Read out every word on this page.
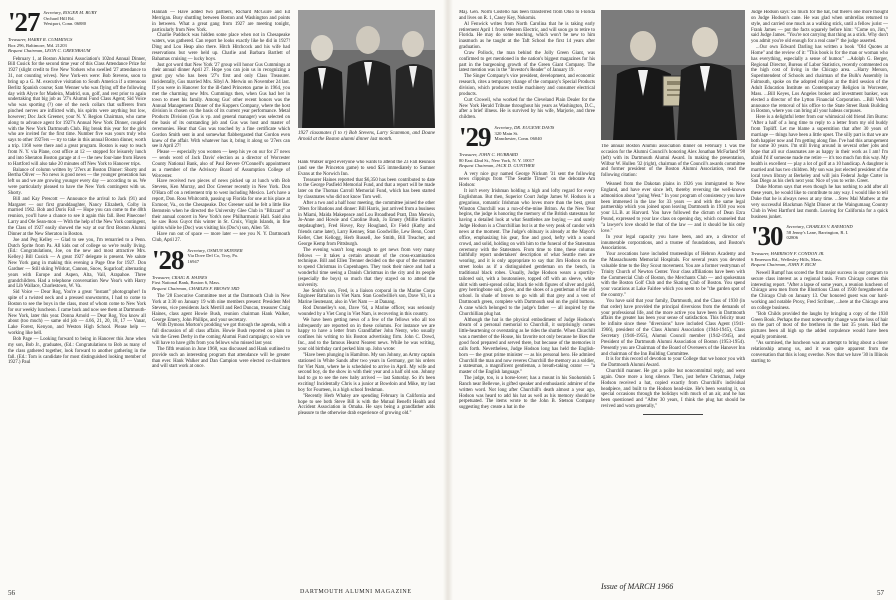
'27 Secretary, ROGER M. BURY
Orchard Hill Rd.
Westport, Conn. 06880
Treasurer, HARRY R. CUMMINGS
Box 296, Baltimore, Md. 21203
Bequest Chairman, LEON C. GREENBAUM

February 1, at Boston Alumni Association's 102nd Annual Dinner, Bill Cusick for the second time year of this Class Attendance Prize for 1927 (slight credit to five New Yorkers who swelled '27 attendance to 31, not counting wives). New York-ers were: Bob Stevens, soon to bring up a G. M. executive visitation to South America if a strenuous Berlitz Spanish course; Sam Wenner who was flying off the following day with Alyce for Madeira, Madrid, sun, golf, and rest prior to again undertaking that big job as '27's Alumni Fund Class Agent; Sid Voice who was sporting (?) one of the neck collars that sufferers from pinched nerves are inflicted with, his spirits were anything but low, however; Doc Jack Greener, your N. Y. Region Chairman, who came along to advance agent for 1927's Annual New York Dinner, coupled with the New York Dartmouth Club. Big break this year for the girls who are invited for the first time. Number five was yours truly who says to other 1927ers — try to take in this annual Boston dinner, worth a trip. 1168 were there and a great program. Boston is easy to reach from N. Y. via Plane, cost office at 12 — stopped for leisurely lunch and into Sheraton Boston garage at 4 — the new four-lane from Haven to Hartford will also take 20 minutes off New York to Hanover trips.

Balance of column written by '27ers at Boston Dinner: Shorty and Bertha Oliver — No news is good news — the younger generation has left us and we are growing younger every day — according to us. We were particularly pleased to have the New York contingent with us. Shorty.

Bill and Kay Prescott — Announce the arrival to Jack (91) and Margaret — our first granddaughter, Nancy Elizabeth, Colby in married 1962. Bob and Doris Fall — Hope you can come to the 40th reunion, you'll have a chance to see it again this fall. Best Pinecone! Larry and Ole Sean-mon — With the help of the New York contingent, the Class of 1927 easily showed the way at our first Boston Alumni Dinner at the New Sheraton in Boston.

Joe and Peg Kelley — Glad to see you, I'm remarried to a Penn. Dutch Sprite from Pa. All kids out of college so we're really living. (Ed.: Congratulations, Joe, on the new and most attractive Mrs. Kelley.) Bill Cusick — A great 1927 delegate is present. We salute New York gang in making this evening a Page One for 1927. Don Gardner — Still skiing Wildcat, Cannon, Snow, Sugarloaf; alternating years with Europe and Aspen, Alta, Vail, Arapahoe. Three grandchildren. Had a telephone conversation New Year's with Harry and Lib Wallace, Charlestown, W. Va.

Sid Voice — Dear Rog, You're a great "instant" photographer! In spite of a twisted neck and a pressed snowstorms, I had to come to Boston to see the boys in the class, most of whom come to New York for our weekly luncheon. I came back and now see them at Dartmouth-New York, later this year. Donna Arnold — Dear Rog, You know all about (too much) — same old job — 4.66, 21, 20, 18, 17 — Vanar, Lake Forest, Kenyon, and Weston High School. Please help — working like hell.

Bob Page — Looking forward to being in Hanover this June when my son, Bob Jr., graduates, (Ed.: Congratulations to Bob as many of the class gathered together, look forward to another gathering in the fall. (Ed.: Tom is candidate for most distinguished looking member of 1927.) Paul

Hannah — Have added two partners, Richard McGuire and Ed Merrigan. Busy shuttling between Boston and Washington and points in between. What a great gang from 1927 are meeting tonight, particularly from New York.

Charlie Paddock was hidden some place when not in Chesapeake waters, was gathered. Can report he looks exactly like he did in 1927! Ding and Lou Heap also there. Hitch Hitchcock and his wife had reservations but were held up. Charlie and Barbara Bartlett of Bahamas cruising — lucky boys.

Just got word that New York '27 group will honor Gus Cummings at their annual dinner April 27. Hope you can join us in recognizing a great guy who has been '27's first and only Class Treasurer. Incidentally, Gus married Mrs. Sibyl A. Merwin on November 24 last. If you were in Hanover for the ill-fated Princeton game in 1964, you met the charming new Mrs. Cummings then, when Gus had her in town to meet his family. Among Gus' other recent honors was the Annual Management Dinner of the Koppers Company, where the host division is chosen on the basis of its current year performance. Metal Products Division (Gus is vp. and general manager) was selected on the basis of its outstanding job and Gus was host and master of ceremonies. Hear that Gus was touched by a fine certificate which Gordon Smith sent in and somewhat flabbergasted that Gordon even knew of the affair. With whatever has it, bring it along so '27ers can see it April 27!

Please — especially you women — keep his ye on our for 27 news — sends word of Jack Davis' election as a director of Worcester County National Bank, also of Paul Revere O'Connell's appointment as a member of the Advisory Board of Assumption College of Worcester.

Have received two pieces of news picked up at lunch with Bob Stevens, Ken Murray, and Doc Greener recently in New York. Don O'Hara off on a retirement trip to west including Mexico. Let's have a report, Don. Ross Whitcomb, passing up Florida for one at his place at Exmoor, Va., on the Chesapeake. Doc Greener said he felt a little like Bernstein when he directed the University Glee Club in "Blizzard" at their annual concert in New York's new Philharmonic Hall. Said also he saw Ross Guyot this winter in St. Croix, Virgin Islands, in fine spirits while he (Doc) was visiting his (Doc's) son, Allen '58.

Have run out of space — more later — see you N. Y. Dartmouth Club, April 27.

'28 Secretary, OSMUN SKINNER
Via Dove Del Co, Troy, Pa.
16947
Treasurer, CRAIG R. HAINES
First National Bank, Boston 6, Mass.
Bequest Chairman, CHARLES F. BROWN 3RD

The '28 Executive Committee met at the Dartmouth Club in New York at 3:30 on January 19 with nine members present: President Mel Stevens, vice presidents Jack Merrill and Red Duncan, treasurer Craig Haines, class agent Howie Bush, reunion chairman Hank Walker, George Emery, John Phillips, and your secretary.

With Dymous Morton's prodding we got through the agenda, with a full discussion of all class affairs. Howie Bush reported on plans to win the Green Derby in the coming Alumni Fund campaign; so win we will have to have gifts from you fellows who missed last year.

The fifth reunion in June 1968, was discussed and Hank outlined to provide such an interesting program that attendance will be greater than ever. Hank Walker and Dan Campion were elected co-chairmen and will start work at once.

1927 classmates (l to r) Bob Stevens, Larry Scammon, and Doane Arnold at the Boston alumni dinner last month.

Hank Walker urged everyone who wants to attend the 23 Fall Reunion (and see the Princeton game) to send $25 immediately to Sumner Evans at the Norwich Inn.

Treasurer Haines reported that $6,350 has been contributed to date to the George Pasfield Memorial Fund, and that a report will be made later on the Thomas Carroll Memorial Fund, which has been started by classmates who did not know Tom well.

After a two and a half hour meeting, the committee joined the other '28ers for libations and dinner: Bill Harris, just arrived from a business in Miami, Maida Makepeace and Lou Broadhead Pratt, Dan Merwin, Jo-Anne and Howie and Caroline Bush, Jo Emery (Millie Harris's stepdaughter), Fred Hovey, Roy Hougland, Ev Field (Kathy and friends came later), Larry Kenney, Stan Goodwillie, Lew Benn, Court Keller, Chet Kellogg, Herb Russell, Joe Smith, Bill Treacher, and George Kemp from Pittsburgh.

The evening wasn't long enough to get news from very many fellows — it takes a certain amount of the cross-examination technique. Bill and Ellen Trenner decided on the spur of the moment to spend Christmas in Copenhagen. They took their niece and had a wonderful time seeing a Danish Christmas in the city and its people (especially the boys) so much that they stayed on to attend the university.

Joe Smith's son, Fred, is a liaison corporal in the Marine Corps Engineer Battalion in Viet Nam. Stan Goodwillie's son, Dave '63, is a Marine lieutenant, also in Viet Nam — at Danang.

Rod Donnelley's son, Dave '64, a Marine officer, was seriously wounded by a Viet Cong in Viet Nam, is recovering in this country.

We have been getting news of a few of the fellows who all too infrequently are reported on in these columns. For instance we are happy to have a letter from Grandfather John Nenty, who usually confines his writing to his Boston advertising firm. John C. Dowd, Inc., and to the famous Hearst Nearest news. While he was writing, your old birthday card perked him up. John wrote:

"Have been plunging in Hamilton. My son Johnny, an Army captain stationed in White Sands after two years in Germany, got his orders for Viet Nam, where he is scheduled to arrive in April. My wife and second boy, do the show in with their year and a half old son. Johnny had to go to see the new baby arrived — last Saturday. So it's been exciting! Incidentally Chris is a junior at Bowdoin and Mike, my last boy for Fourteen, is a high school freshman.

"Recently Herb Whaley are spending February in California and hope to see both Steve Bill is with the Mutual Benefit Health and Accident Association in Omaha. He says being a grandfather adds pleasure to the otherwise drab experience of growing old."

56	DARTMOUTH ALUMNI MAGAZINE

Maj. Gen. Norm Costello has been transferred from Ohio to Florida and lives on R. 1, Casey Key, Nokomis.

Al Fenwick writes from North Carolina that he is taking early retirement April 1 from Western Electric, and will soon go to retire to Florida. He may do some teaching, which won't be new to him inasmuch as he taught at the Taft School the first 14 years after graduation.

Craw Pollock, the man behind the Jolly Green Giant, was confirmed to get mentioned in the nation's biggest magazines for his part in the burgeoning growth of the Green Giant Company. The latest mention was in the "Investor's Reader" of January 19.

The Singer Company's vice president, development, and economic research, cites a temporary change of the company's Special Products division, which produces textile machinery and consumer electrical products.

Curt Crowell, who worked for the Cleveland Plain Dealer for the New York Herald Tribune throughout his years as Washington, D.C., after a brief illness. He is survived by his wife, Marjorie, and three children.

'29 Secretary, DR. EUGENE DAVIS
320 Main St.
Manchester, Conn. 06040
Treasurer, JOHN C. HUBBARD
80 East 42nd St., New York, N. Y. 10017
Bequest Chairman, JACK D. GUNTHER

A very nice guy named George Nickum '31 sent the following news clippings from "The Seattle Times" on the deborate Am Hodson:

It isn't every Irishman holding a high and lofty regard for every Englishman. But then, Superior Court Judge James W. Hodson is a gregarious, romantic Irishman who loves more than the best, great Winston Churchill was a run-of-the-mine Briton. As the New Year begins, the judge is honoring the memory of the British statesman for having a detailed look at what Seattleites are buying — and surely Judge Hodson is a Churchillian but is at the very peak of candor with news at the moment. The Judge's obituary is already at the Mayor's office, emphasizing his gear, fine and good, hefty with a sound crowd, and solid, holding on with him to the funeral of the Statesman ceremony with the Statesmen. From time to time, these columns faithfully report undertakers' description of what Seattle men are wearing, and it is only appropriate to say that Jim Hodson on the street looks as if a distinguished gentleman on the bench, in traditional black robes. Usually, Judge Hodson wears a sportily-tailored suit, with a boutonniere, topped off with an sleeve, white shirt with semi-spread collar, black tie with figures of silver and gold, grey herringbone suit, glove, and the shoes of a gentleman of the old school. In shade of brown to go with all that grey and a vest of Dartmouth green, complete with Dartmouth seal on the gold buttons. A cane which belonged to the judge's father — all inspired by the Churchillian plug hat.

Although the hat is the physical embodiment of Judge Hodson's dream of a personal memorial to Churchill, it surprisingly comes little-heartening or overstating as he rides the shuttle. When Churchill was a member of the House, his favorite not only because he likes the good food prepared and served there, but because of the memories it calls forth. Nevertheless, Judge Hodson long has held the English-born — the great prime minister — as his personal hero. He admired Churchill the man and now reveres Churchill the memory as a soldier, a statesman, a magnificent gentleman, a breath-taking orator — "a master of the English language."

The judge, too, is a horse-lover; has a mount in his Snohomish 5 Ranch near Bellevue, is gifted speaker and enthusiastic admirer of the written word. Not long after Churchill's death almost a year ago, Hodson was heard to add his hat as well as his memory should be perpetuated. The items wrote to the John B. Stetson Company suggesting they create a hat in the

The annual Boston Alumni association dinner on February 1 was the occasion for the Alumni Council's honoring Alex Jonathan McFarland '98 (left) with its Dartmouth Alumni Award. In making the presentation, Wilbur W. Hullen '32 (right), chairman of the Council's awards committee and former president of the Boston Alumni Association, read the following citation:

Weaned from the Dakotan plains in 1926 you immigrated to New England, and have ever since left, thereby reversing the well-known admonition about "going West." In your program of consistency you have been immersed in the law for 33 years — and with the same legal partnership which you joined upon leaving Dartmouth in 1930 you won your LL.B. at Harvard. You have followed the dictum of Dean Ezra Pound, expressed to your law class on opening day, which counseled that "a lawyer's love should be that of the law — and it should be his only love."

In your legal capacity you have been, and are, a director of innumerable corporations, and a trustee of foundations, and Boston's Associations.

Your avocations have included trusteeships of Hebron Academy and the Massachusetts Memorial Hospitals. For several years you devoted valuable time to the Boy Scout movement. You are a former vestryman of Trinity Church of Newton Center. Your class affiliations have been with the Commercial Club of Boston, the Merchants Club — and spokesman with the Boston Golf Club and the Skating Club of Boston. You spend your vacations at Lake Fairlee which you seem to be "the garden spot of the country."

You have said that your family, Dartmouth, and the Class of 1930 (in that order) have provided the principal diversions from the demands of your professional life, and the more active you have been in Dartmouth affairs the greater has been your sense of satisfaction. This felicity must be infinite since these "diversions" have included Class Agent (1941-1966), president of the Class Alumni Association (1944-1945), Class Secretary (1946-1955), Alumni Council member (1942-1945), and President of the Dartmouth Alumni Association of Boston (1953-1954). Presently you are Chairman of the Board of Overseers of the Hanover Inn and chairman of the Inn Building Committee.

It is for this record of devotion to your College that we honor you with the Dartmouth Alumni Award.

Churchill manner. He got a polite but noncommittal reply, and went again. Once more a long silence. Then, just before Christmas, Judge Hodson received a hat, copied exactly from Churchill's individual headpiece, and built to the Hodson head-size. He's been wearing it, on special occasions through the holidays with much of an air, and he has been questioned and "After 30 years, I think the plug hat should be revived and worn generally,"

Judge Hodson says: So much for the hat, but there's one more thought on Judge Hodson's cane. He was glad when umbrellas returned to style, and carried one much as a walking stick, until a fellow jurist — Frank James — put the facts squarely before him: "Come on, Jim," said Judge James. "You're not carrying that thing as a stick. Why don't you admit you're old enough for a real cane?" the judge asserted.

...Our own Edward Darling has written a book "Old Quotes at Home" and the review of it: "This book is for the man or woman who has everything, especially a sense of humor." ...Adolph G. Berger, Regional Director, Bureau of Labor Statistics, recently commented on the high cost of living in the Chicago area. ...Harry Merson, Superintendent of Schools and chairman of the Bulk's Assembly in Falmouth, spoke on the adopted religion at the third session of the Adult Education Institute on Contemporary Religion in Worcester, Mass. ...Bill Keyes, Los Angeles broker and investment banker, was elected a director of the Lytton Financial Corporation. ...Bill Veitch announce the removal of his office to the State Street Bank Building in Boston, where you can bring all your habeas corpuses.

Here is a delightful letter from our whimsical old friend Jim Burns: "After a half of a long time to reply to a letter from my old buddy from Topliff. Let me blame a superstition that after 30 years of marriage — things have been a little upset. The silly part is that we are both happier now and I'm getting along fine. I've had this arrangement for some 30 years. I'm still living around in several other jobs and hope that all our classmates are as happy in their work as I am! I'm afraid I'd if someone made me retire — it's too much fun this way. My health is excellent — play a lot of golf at a 10 handicap. A daughter is married and has two children. My son was just elected president of the local town library at Berkeley and will join Federal Judge Carter in San Diego as his clerk next year. Nice of you to write. Greet.

Duke Morton says that even though he has nothing to add after all these years, he would like to contribute to any way. I would like to tell Duke that he is always news at any time. ...Stew Mal Mathew at the very successful Blackman Night Dinner at the Waingumaug Country Club in West Hartford last month. Leaving for California for a quick business junket.

'30 Secretary, CHARLES V. RAYMOND
58 Jenny's Lane, Barrington, R. I.
02806
Treasurer, HARRISON F. CONDON JR.
6 Emerson Rd., Wellesley Hills, Mass.
Bequest Chairman, JOHN F. RICH

Newell Rumpf has scored the first major success in our program to secure class interest as a regional basis. From Chicago comes this interesting report. "After a lapse of some years, a reunion luncheon of Chicago area men from the Illustrious Class of 1930 foregathered at the Chicago Club on January 13. Our honored guest was our hard-working and notable Proxy, Fred Scribner, ...here at the Chicago area on college business.

"Bob Childs provided the laughs by bringing a copy of the 1930 Green Book. Perhaps the most noteworthy change was the loss of hair on the part of most of the brethren in the last 35 years. Had the pictures been all high up the added corpulence would have been equally prominent.

"As surmised, the luncheon was an attempt to bring about a closer relationship among us, and it was quite apparent from the conversation that this is long overdue. Now that we have '30 in Illinois starting to

Issue of MARCH 1966
57
